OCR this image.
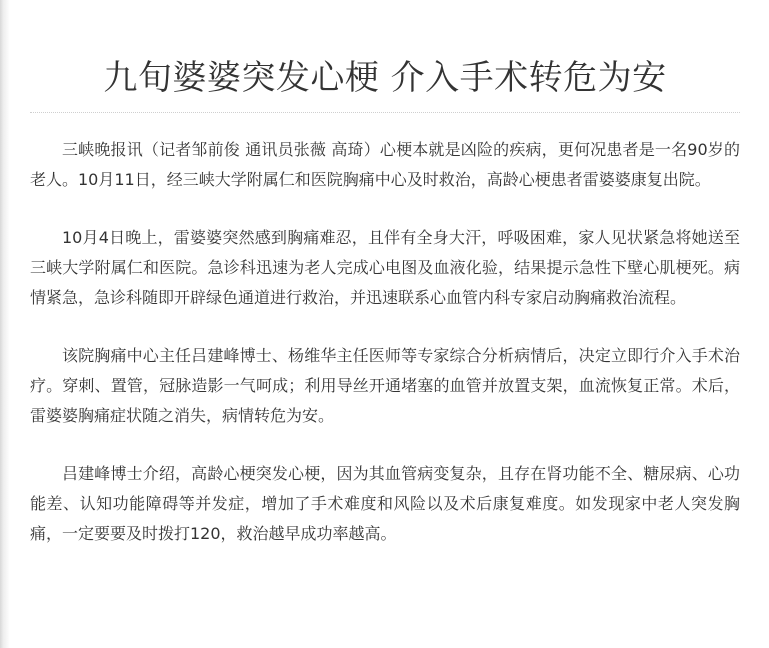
九旬婆婆突发心梗 介入手术转危为安

三峡晚报讯（记者邹前俊 通讯员张薇 高琦）心梗本就是凶险的疾病，更何况患者是一名90岁的老人。10月11日，经三峡大学附属仁和医院胸痛中心及时救治，高龄心梗患者雷婆婆康复出院。

10月4日晚上，雷婆婆突然感到胸痛难忍，且伴有全身大汗，呼吸困难，家人见状紧急将她送至三峡大学附属仁和医院。急诊科迅速为老人完成心电图及血液化验，结果提示急性下壁心肌梗死。病情紧急，急诊科随即开辟绿色通道进行救治，并迅速联系心血管内科专家启动胸痛救治流程。

该院胸痛中心主任吕建峰博士、杨维华主任医师等专家综合分析病情后，决定立即行介入手术治疗。穿刺、置管，冠脉造影一气呵成；利用导丝开通堵塞的血管并放置支架，血流恢复正常。术后，雷婆婆胸痛症状随之消失，病情转危为安。

吕建峰博士介绍，高龄心梗突发心梗，因为其血管病变复杂，且存在肾功能不全、糖尿病、心功能差、认知功能障碍等并发症，增加了手术难度和风险以及术后康复难度。如发现家中老人突发胸痛，一定要要及时拨打120，救治越早成功率越高。
